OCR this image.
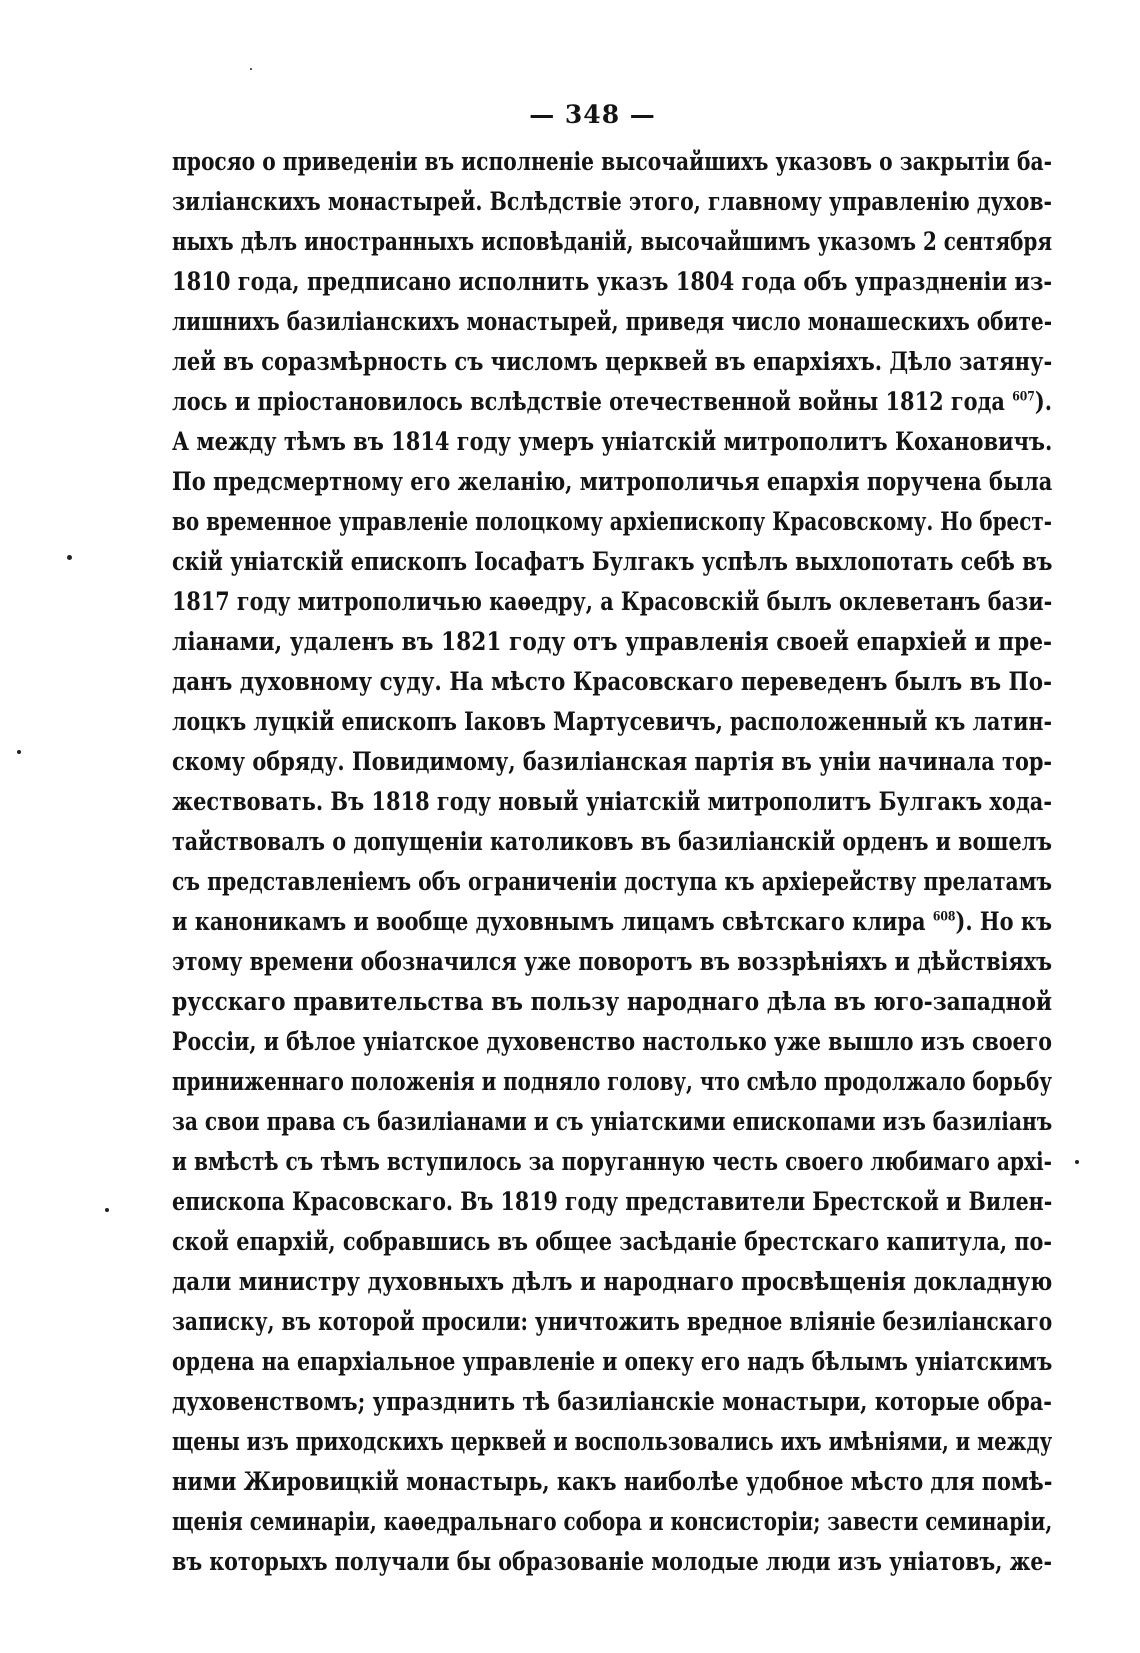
— 348 —
просяо о приведенiи въ исполненiе высочайшихъ указовъ о закрытiи ба-
зилiанскихъ монастырей. Вслѣдствiе этого, главному управленiю духов-
ныхъ дѣлъ иностранныхъ исповѣданiй, высочайшимъ указомъ 2 сентября
1810 года, предписано исполнить указъ 1804 года объ упраздненiи из-
лишнихъ базилiанскихъ монастырей, приведя число монашескихъ обите-
лей въ соразмѣрность съ числомъ церквей въ епархiяхъ. Дѣло затяну-
лось и прiостановилось вслѣдствiе отечественной войны 1812 года $^{607}$).
А между тѣмъ въ 1814 году умеръ унiатскiй митрополитъ Кохановичъ.
По предсмертному его желанiю, митрополичья епархiя поручена была
во временное управленiе полоцкому архiепископу Красовскому. Но брест-
скiй унiатскiй епископъ Iосафатъ Булгакъ успѣлъ выхлопотать себѣ въ
1817 году митрополичью каѳедру, а Красовскiй былъ оклеветанъ бази-
лiанами, удаленъ въ 1821 году отъ управленiя своей епархiей и пре-
данъ духовному суду. На мѣсто Красовскаго переведенъ былъ въ По-
лоцкъ луцкiй епископъ Iаковъ Мартусевичъ, расположенный къ латин-
скому обряду. Повидимому, базилiанская партiя въ унiи начинала тор-
жествовать. Въ 1818 году новый унiатскiй митрополитъ Булгакъ хода-
тайствовалъ о допущенiи католиковъ въ базилiанскiй орденъ и вошелъ
съ представленiемъ объ ограниченiи доступа къ архiерейству прелатамъ
и каноникамъ и вообще духовнымъ лицамъ свѣтскаго клира $^{608}$). Но къ
этому времени обозначился уже поворотъ въ воззрѣнiяхъ и дѣйствiяхъ
русскаго правительства въ пользу народнаго дѣла въ юго-западной
Россiи, и бѣлое унiатское духовенство настолько уже вышло изъ своего
приниженнаго положенiя и подняло голову, что смѣло продолжало борьбу
за свои права съ базилiанами и съ унiатскими епископами изъ базилiанъ
и вмѣстѣ съ тѣмъ вступилось за поруганную честь своего любимаго архi-
епископа Красовскаго. Въ 1819 году представители Брестской и Вилен-
ской епархiй, собравшись въ общее засѣданiе брестскаго капитула, по-
дали министру духовныхъ дѣлъ и народнаго просвѣщенiя докладную
записку, въ которой просили: уничтожить вредное влiянiе безилiанскаго
ордена на епархiальное управленiе и опеку его надъ бѣлымъ унiатскимъ
духовенствомъ; упразднить тѣ базилiанскiе монастыри, которые обра-
щены изъ приходскихъ церквей и воспользовались ихъ имѣнiями, и между
ними Жировицкiй монастырь, какъ наиболѣе удобное мѣсто для помѣ-
щенiя семинарiи, каѳедральнаго собора и консисторiи; завести семинарiи,
въ которыхъ получали бы образованiе молодые люди изъ унiатовъ, же-
